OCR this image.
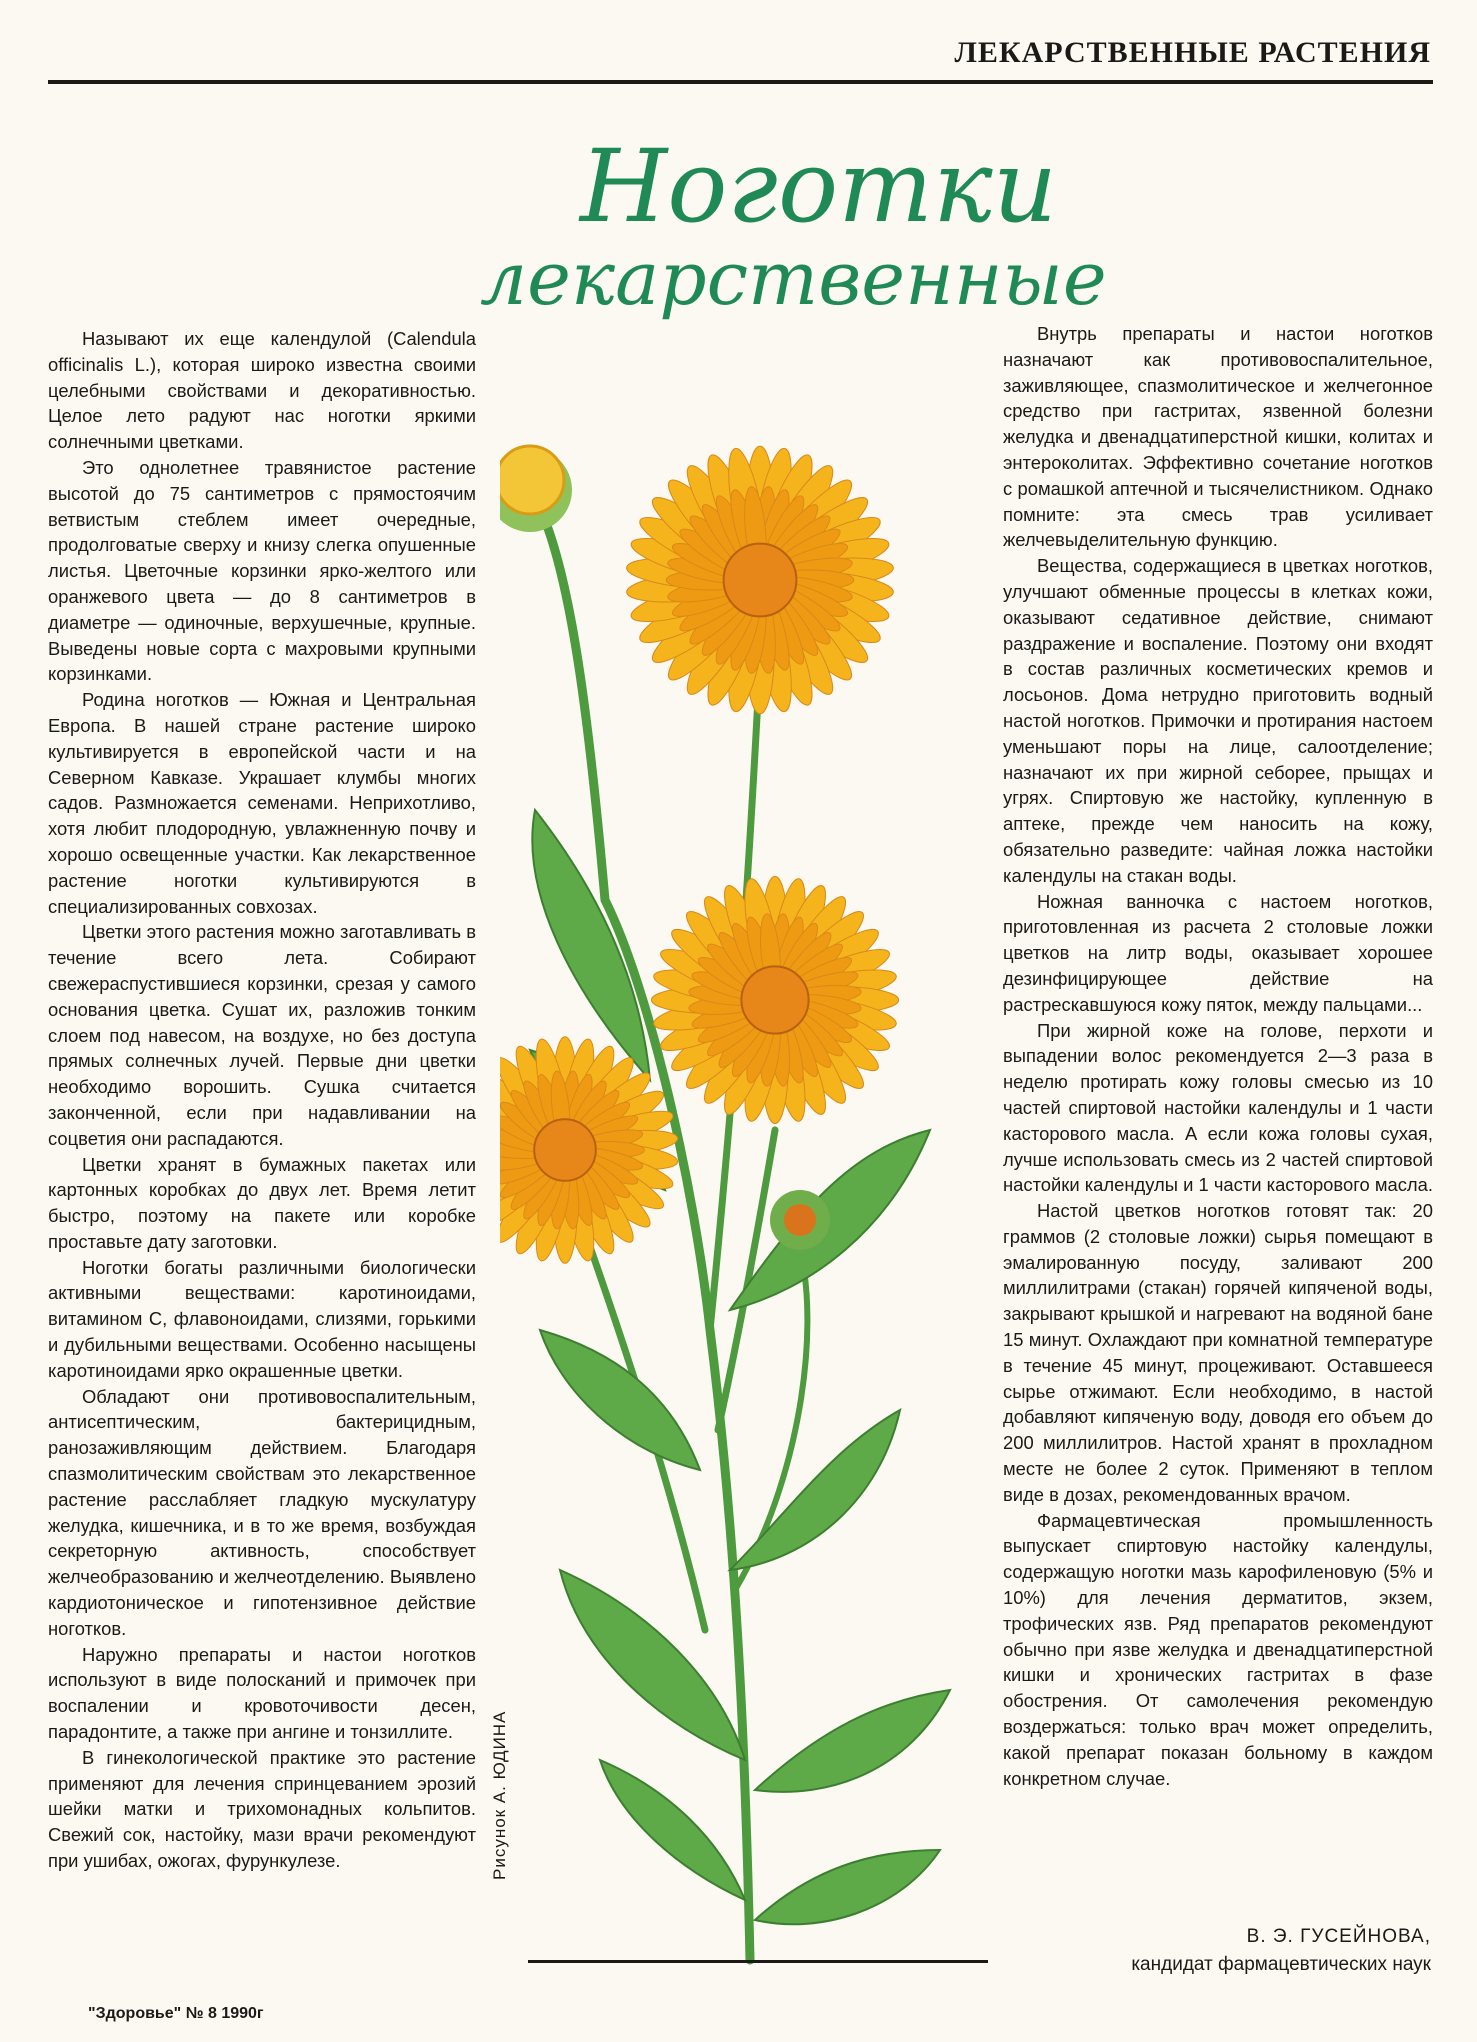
ЛЕКАРСТВЕННЫЕ РАСТЕНИЯ
Ноготки
лекарственные

Называют их еще календулой (Calendula officinalis L.), которая широко известна своими целебными свойствами и декоративностью. Целое лето радуют нас ноготки яркими солнечными цветками.

Это однолетнее травянистое растение высотой до 75 сантиметров с прямостоячим ветвистым стеблем имеет очередные, продолговатые сверху и книзу слегка опушенные листья. Цветочные корзинки ярко-желтого или оранжевого цвета — до 8 сантиметров в диаметре — одиночные, верхушечные, крупные. Выведены новые сорта с махровыми крупными корзинками.

Родина ноготков — Южная и Центральная Европа. В нашей стране растение широко культивируется в европейской части и на Северном Кавказе. Украшает клумбы многих садов. Размножается семенами. Неприхотливо, хотя любит плодородную, увлажненную почву и хорошо освещенные участки. Как лекарственное растение ноготки культивируются в специализированных совхозах.

Цветки этого растения можно заготавливать в течение всего лета. Собирают свежераспустившиеся корзинки, срезая у самого основания цветка. Сушат их, разложив тонким слоем под навесом, на воздухе, но без доступа прямых солнечных лучей. Первые дни цветки необходимо ворошить. Сушка считается законченной, если при надавливании на соцветия они распадаются.

Цветки хранят в бумажных пакетах или картонных коробках до двух лет. Время летит быстро, поэтому на пакете или коробке проставьте дату заготовки.

Ноготки богаты различными биологически активными веществами: каротиноидами, витамином С, флавоноидами, слизями, горькими и дубильными веществами. Особенно насыщены каротиноидами ярко окрашенные цветки.

Обладают они противовоспалительным, антисептическим, бактерицидным, ранозаживляющим действием. Благодаря спазмолитическим свойствам это лекарственное растение расслабляет гладкую мускулатуру желудка, кишечника, и в то же время, возбуждая секреторную активность, способствует желчеобразованию и желчеотделению. Выявлено кардиотоническое и гипотензивное действие ноготков.

Наружно препараты и настои ноготков используют в виде полосканий и примочек при воспалении и кровоточивости десен, парадонтите, а также при ангине и тонзиллите.

В гинекологической практике это растение применяют для лечения спринцеванием эрозий шейки матки и трихомонадных кольпитов. Свежий сок, настойку, мази врачи рекомендуют при ушибах, ожогах, фурункулезе.

Внутрь препараты и настои ноготков назначают как противовоспалительное, заживляющее, спазмолитическое и желчегонное средство при гастритах, язвенной болезни желудка и двенадцатиперстной кишки, колитах и энтероколитах. Эффективно сочетание ноготков с ромашкой аптечной и тысячелистником. Однако помните: эта смесь трав усиливает желчевыделительную функцию.

Вещества, содержащиеся в цветках ноготков, улучшают обменные процессы в клетках кожи, оказывают седативное действие, снимают раздражение и воспаление. Поэтому они входят в состав различных косметических кремов и лосьонов. Дома нетрудно приготовить водный настой ноготков. Примочки и протирания настоем уменьшают поры на лице, салоотделение; назначают их при жирной себорее, прыщах и угрях. Спиртовую же настойку, купленную в аптеке, прежде чем наносить на кожу, обязательно разведите: чайная ложка настойки календулы на стакан воды.

Ножная ванночка с настоем ноготков, приготовленная из расчета 2 столовые ложки цветков на литр воды, оказывает хорошее дезинфицирующее действие на растрескавшуюся кожу пяток, между пальцами...

При жирной коже на голове, перхоти и выпадении волос рекомендуется 2—3 раза в неделю протирать кожу головы смесью из 10 частей спиртовой настойки календулы и 1 части касторового масла. А если кожа головы сухая, лучше использовать смесь из 2 частей спиртовой настойки календулы и 1 части касторового масла.

Настой цветков ноготков готовят так: 20 граммов (2 столовые ложки) сырья помещают в эмалированную посуду, заливают 200 миллилитрами (стакан) горячей кипяченой воды, закрывают крышкой и нагревают на водяной бане 15 минут. Охлаждают при комнатной температуре в течение 45 минут, процеживают. Оставшееся сырье отжимают. Если необходимо, в настой добавляют кипяченую воду, доводя его объем до 200 миллилитров. Настой хранят в прохладном месте не более 2 суток. Применяют в теплом виде в дозах, рекомендованных врачом.

Фармацевтическая промышленность выпускает спиртовую настойку календулы, содержащую ноготки мазь карофиленовую (5% и 10%) для лечения дерматитов, экзем, трофических язв. Ряд препаратов рекомендуют обычно при язве желудка и двенадцатиперстной кишки и хронических гастритах в фазе обострения. От самолечения рекомендую воздержаться: только врач может определить, какой препарат показан больному в каждом конкретном случае.

Рисунок А. ЮДИНА
В. Э. ГУСЕЙНОВА,
кандидат фармацевтических наук
"Здоровье" № 8 1990г
